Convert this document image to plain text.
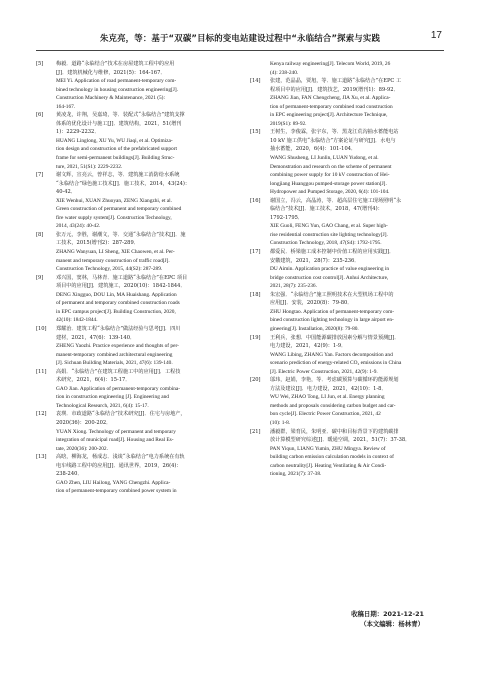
朱克亮，等：基于“双碳”目标的变电站建设过程中“永临结合”探索与实践	17
[5] 梅毅．道路“永临结合”技术在房屋建筑工程中的应用
[J]．建筑机械化与维修，2021(5)：164-167．
MEI Yi. Application of road permanent-temporary com-
bined technology in housing construction engineering[J].
Construction Machinery & Maintenance, 2021 (5):
164-167.
[6] 黄凌龙，许翔，吴嘉琦，等．装配式“永临结合”建筑支撑
体系的优化设计与施工[J]．建筑结构，2021，51(增刊
1)：2229-2232．
HUANG Linglong, XU Yu, WU Jiaqi, et al. Optimiza-
tion design and construction of the prefabricated support
frame for semi-permanent buildings[J]. Building Struc-
ture, 2021, 51(S1): 2229-2232.
[7] 谢文辉，宣亮云，曾祥志，等．建筑施工消防给水系统
“永临结合”绿色施工技术[J]．施工技术，2014，43(24)：
40-42．
XIE Wenhui, XUAN Zhuoyan, ZENG Xiangzhi, et al.
Green construction of permanent and temporary combined
fire water supply system[J]. Construction Technology,
2014, 43(24): 40-42.
[8] 张万元，李胜，谢潮文，等．交通“永临结合”技术[J]．施
工技术，2015(增刊2)：287-289．
ZHANG Wanyuan, LI Sheng, XIE Chaowen, et al. Per-
manent and temporary construction of traffic road[J].
Construction Technology, 2015, 44(S2): 287-289.
[9] 邓兴国，窦林，马林青．施工道路“永临结合”在EPC 项目
项目中的应用[J]．建筑施工，2020(10)：1842-1844．
DENG Xingguo, DOU Lin, MA Huaishang. Application
of permanent and temporary combined construction roads
in EPC campus project[J]. Building Construction, 2020,
42(10): 1842-1844.
[10] 郑耀治．建筑工程“永临结合”做法经验与思考[J]．四川
建材，2021，47(6)：139-140．
ZHENG Yaozhi. Practice experience and thoughts of per-
manent-temporary combined architectural engineering
[J]. Sichuan Building Materials, 2021, 47(6): 139-140.
[11] 高娟．“永临结合”在建筑工程施工中的应用[J]．工程技
术研究，2021，6(4)：15-17．
GAO Jian. Application of permanent-temporary combina-
tion in construction engineering [J]. Engineering and
Technological Research, 2021, 6(4): 15-17.
[12] 袁瑛．市政道路“永临结合”技术研究[J]．住宅与房地产，
2020(36)：200-202．
YUAN Xiong. Technology of permanent and temporary
integration of municipal road[J]. Housing and Real Es-
tate, 2020(36): 200-202.
[13] 高晗，柳海龙，杨成志．浅谈“永临结合”电力系统在有轨
电车线路工程中的应用[J]．通讯世界，2019，26(4)：
238-240．
GAO Zhen, LIU Hailong, YANG Chengzhi. Applica-
tion of permanent-temporary combined power system in
Kenya railway engineering[J]. Telecom World, 2019, 26
(4): 238-240.
[14] 张建，范晶晶，贾旭，等．施工道路“永临结合”在EPC 工
程项目中的应用[J]．建筑技艺，2019(增刊1)：89-92．
ZHANG Jian, FAN Chengcheng, JIA Xu, et al. Applica-
tion of permanent-temporary combined road construction
in EPC engineering project[J]. Architecture Technique,
2019(S1): 89-92.
[15] 王树生，李俊霖，张宇东，等．黑龙江荒沟抽水蓄能电站
10 kV 施工供电“永临结合”方案论证与研究[J]．水电与
抽水蓄能，2020，6(4)：101-104．
WANG Shusheng, LI Junlin, LUAN Yudong, et al.
Demonstration and research on the scheme of permanent
combining power supply for 10 kV construction of Hei-
longjiang Huanggou pumped-storage power station[J].
Hydropower and Pumped Storage, 2020, 6(4): 101-104.
[16] 谢国立，冯云，高晶涛，等．超高层住宅施工现场照明“永
临结合”技术[J]．施工技术，2018，47(增刊4)：
1792-1795．
XIE Guoli, FENG Yun, GAO Chang, et al. Super high-
rise residential construction site lighting technology[J].
Construction Technology, 2018, 47(S4): 1792-1795.
[17] 都爱民．桥梁施工成本控制中价值工程的应用实践[J]．
安徽建筑，2021，28(7)：235-236．
DU Aimin. Application practice of value engineering in
bridge construction cost control[J]. Anhui Architecture,
2021, 28(7): 235-236.
[18] 朱宏强．“永临结合”施工照明技术在大型机场工程中的
应用[J]．安装，2020(8)：79-80．
ZHU Hongtao. Application of permanent-temporary com-
bined construction lighting technology in large airport en-
gineering[J]. Installation, 2020(8): 79-80.
[19] 王利兵，张想．中国能源碳排放因素分解与情景预测[J]．
电力建设，2021，42(9)：1-9．
WANG Libing, ZHANG Yan. Factors decomposition and
scenario prediction of energy-related CO₂ emissions in China
[J]. Electric Power Construction, 2021, 42(9): 1-9.
[20] 邬玮，赵娟，李艳，等．考虑碳预算与碳循环的能源规划
方法及建议[J]．电力建设，2021，42(10)：1-8．
WU Wei, ZHAO Tong, LI Jun, et al. Energy planning
methods and proposals considering carbon budget and car-
bon cycle[J]. Electric Power Construction, 2021, 42
(10): 1-8.
[21] 潘毅群，梁育民，朱明亚．碳中和目标背景下的建筑碳排
放计算模型研究综述[J]．暖通空调，2021，51(7)：37-38．
PAN Yiqun, LIANG Yumin, ZHU Mingya. Review of
building carbon emission calculation models in context of
carbon neutrality[J]. Heating Ventilating & Air Condi-
tioning, 2021(7): 37-38.
收稿日期：2021-12-21
（本文编辑：杨林青）
